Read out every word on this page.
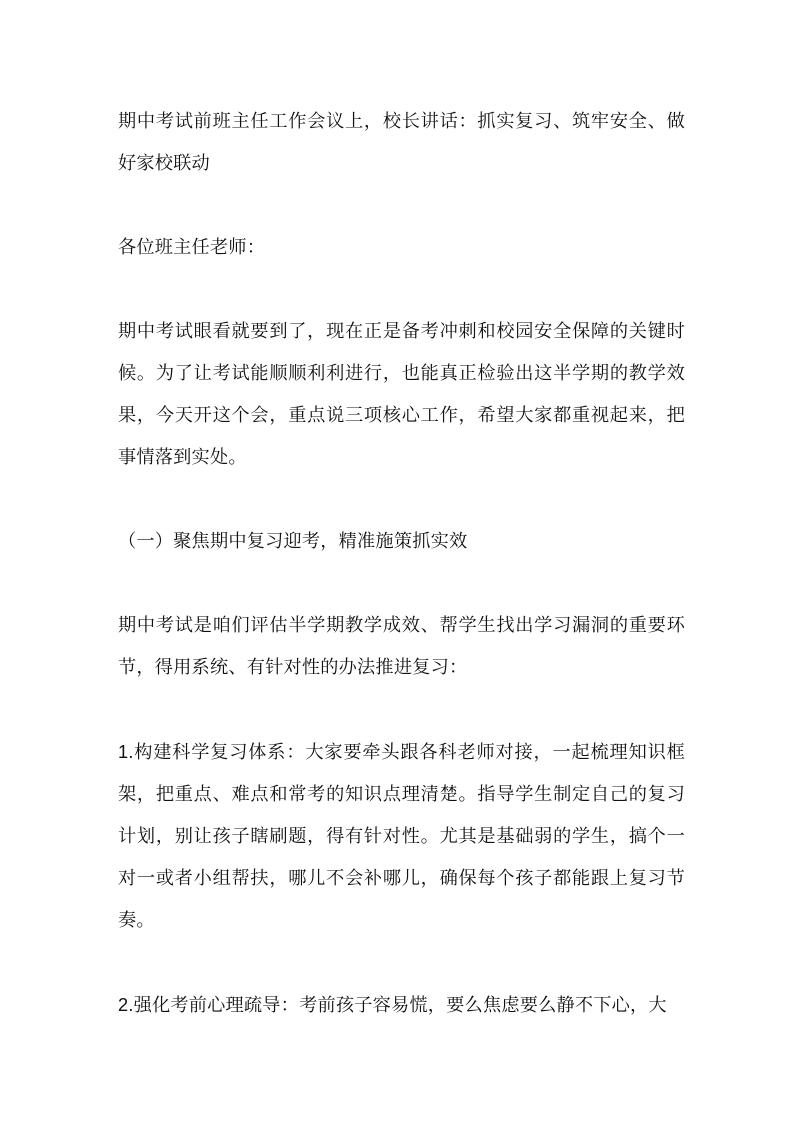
期中考试前班主任工作会议上，校长讲话：抓实复习、筑牢安全、做好家校联动

各位班主任老师：

期中考试眼看就要到了，现在正是备考冲刺和校园安全保障的关键时候。为了让考试能顺顺利利进行，也能真正检验出这半学期的教学效果，今天开这个会，重点说三项核心工作，希望大家都重视起来，把事情落到实处。

（一）聚焦期中复习迎考，精准施策抓实效

期中考试是咱们评估半学期教学成效、帮学生找出学习漏洞的重要环节，得用系统、有针对性的办法推进复习：

1.构建科学复习体系：大家要牵头跟各科老师对接，一起梳理知识框架，把重点、难点和常考的知识点理清楚。指导学生制定自己的复习计划，别让孩子瞎刷题，得有针对性。尤其是基础弱的学生，搞个一对一或者小组帮扶，哪儿不会补哪儿，确保每个孩子都能跟上复习节奏。

2.强化考前心理疏导：考前孩子容易慌，要么焦虑要么静不下心，大
